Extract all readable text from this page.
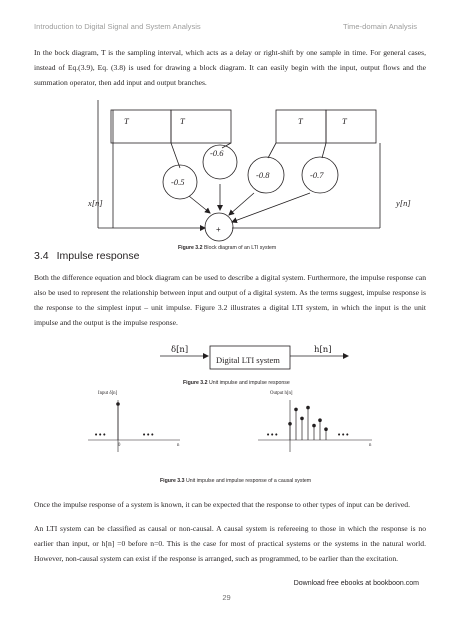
Introduction to Digital Signal and System Analysis	Time-domain Analysis

In the bock diagram, T is the sampling interval, which acts as a delay or right-shift by one sample in time. For general cases, instead of Eq.(3.9), Eq. (3.8) is used for drawing a block diagram. It can easily begin with the input, output flows and the summation operator, then add input and output branches.

T	T	T	T
-0.5
-0.6
-0.8	-0.7
x[n]	y[n]
+
Figure 3.2 Block diagram of an LTI system
3.4 Impulse response

Both the difference equation and block diagram can be used to describe a digital system. Furthermore, the impulse response can also be used to represent the relationship between input and output of a digital system. As the terms suggest, impulse response is the response to the simplest input – unit impulse. Figure 3.2 illustrates a digital LTI system, in which the input is the unit impulse and the output is the impulse response.

δ[n]	h[n]
Digital LTI system
Figure 3.2 Unit impulse and impulse response
Input δ[n]	Output h[n]
0	n	n
•••	•••	•••	•••
Figure 3.3 Unit impulse and impulse response of a causal system

Once the impulse response of a system is known, it can be expected that the response to other types of input can be derived.

An LTI system can be classified as causal or non-causal. A causal system is refereeing to those in which the response is no earlier than input, or h[n] =0 before n=0. This is the case for most of practical systems or the systems in the natural world. However, non-causal system can exist if the response is arranged, such as programmed, to be earlier than the excitation.

Download free ebooks at bookboon.com
29
